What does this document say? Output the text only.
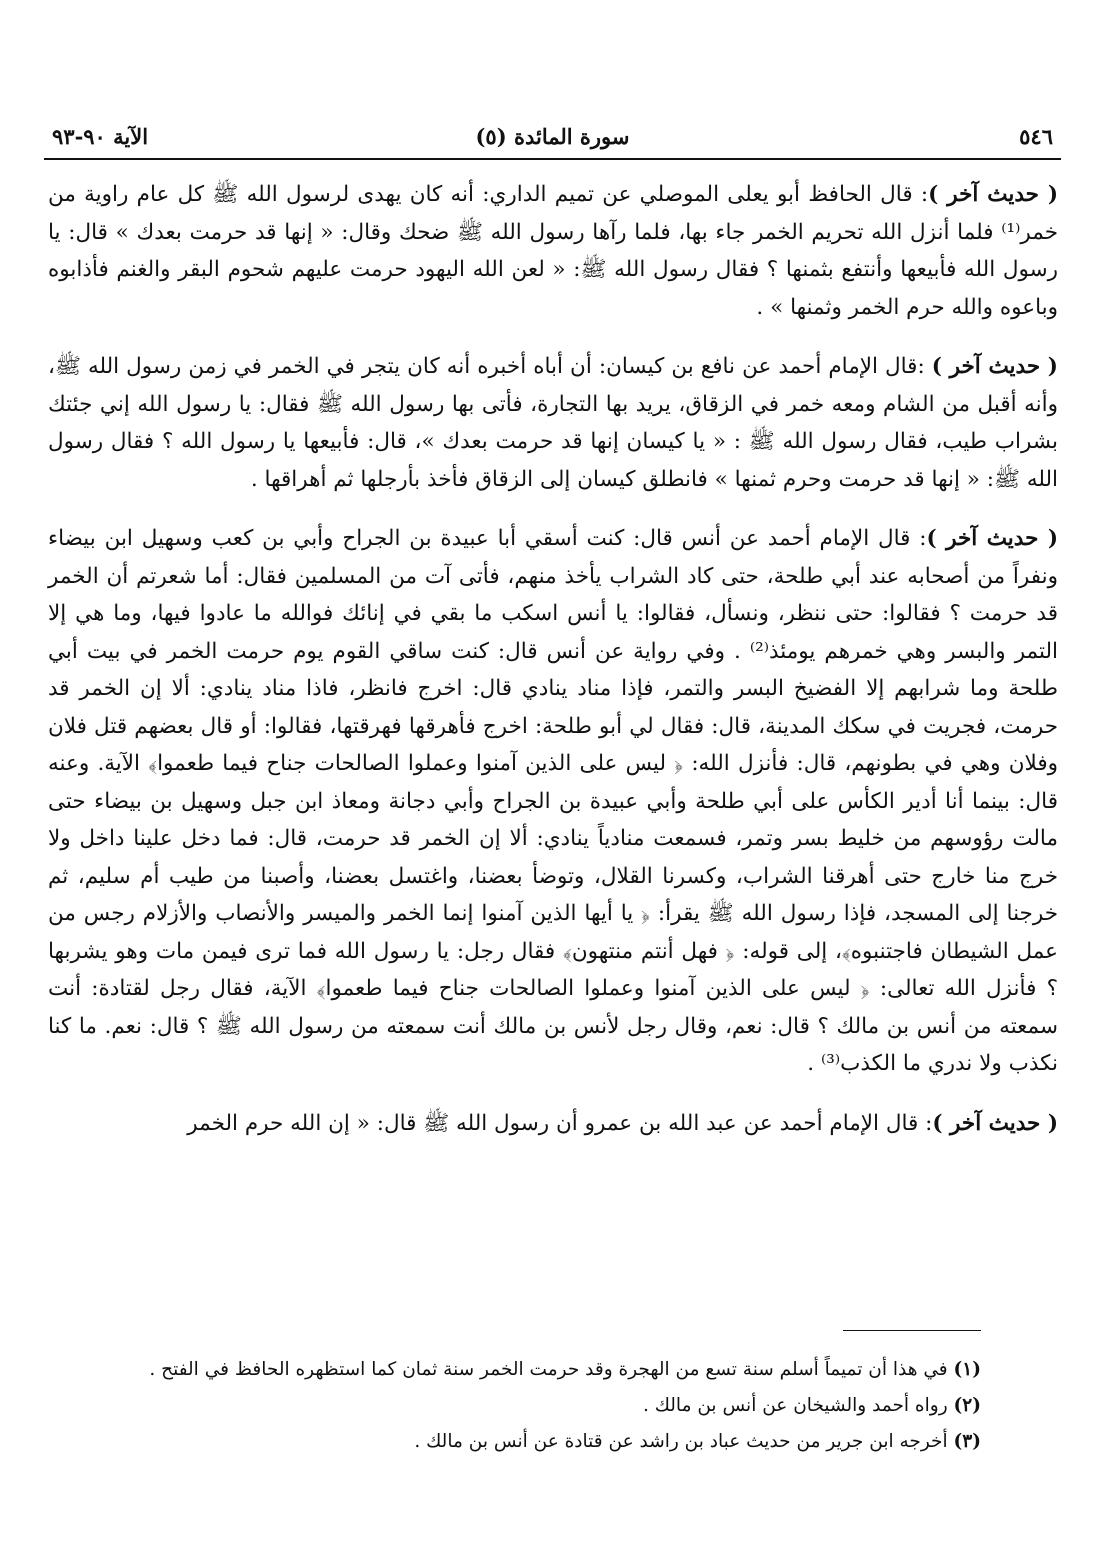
٥٤٦
(٥) سورة المائدة
الآية ٩٠-٩٣

( حديث آخر ): قال الحافظ أبو يعلى الموصلي عن تميم الداري: أنه كان يهدى لرسول الله ﷺ كل عام راوية من خمر⁽¹⁾ فلما أنزل الله تحريم الخمر جاء بها، فلما رآها رسول الله ﷺ ضحك وقال: « إنها قد حرمت بعدك » قال: يا رسول الله فأبيعها وأنتفع بثمنها ؟ فقال رسول الله ﷺ: « لعن الله اليهود حرمت عليهم شحوم البقر والغنم فأذابوه وباعوه والله حرم الخمر وثمنها » .

( حديث آخر ) :قال الإمام أحمد عن نافع بن كيسان: أن أباه أخبره أنه كان يتجر في الخمر في زمن رسول الله ﷺ، وأنه أقبل من الشام ومعه خمر في الزقاق، يريد بها التجارة، فأتى بها رسول الله ﷺ فقال: يا رسول الله إني جئتك بشراب طيب، فقال رسول الله ﷺ : « يا كيسان إنها قد حرمت بعدك »، قال: فأبيعها يا رسول الله ؟ فقال رسول الله ﷺ: « إنها قد حرمت وحرم ثمنها » فانطلق كيسان إلى الزقاق فأخذ بأرجلها ثم أهراقها .

( حديث آخر ): قال الإمام أحمد عن أنس قال: كنت أسقي أبا عبيدة بن الجراح وأبي بن كعب وسهيل ابن بيضاء ونفراً من أصحابه عند أبي طلحة، حتى كاد الشراب يأخذ منهم، فأتى آت من المسلمين فقال: أما شعرتم أن الخمر قد حرمت ؟ فقالوا: حتى ننظر، ونسأل، فقالوا: يا أنس اسكب ما بقي في إنائك فوالله ما عادوا فيها، وما هي إلا التمر والبسر وهي خمرهم يومئذ⁽²⁾ . وفي رواية عن أنس قال: كنت ساقي القوم يوم حرمت الخمر في بيت أبي طلحة وما شرابهم إلا الفضيخ البسر والتمر، فإذا مناد ينادي قال: اخرج فانظر، فاذا مناد ينادي: ألا إن الخمر قد حرمت، فجريت في سكك المدينة، قال: فقال لي أبو طلحة: اخرج فأهرقها فهرقتها، فقالوا: أو قال بعضهم قتل فلان وفلان وهي في بطونهم، قال: فأنزل الله: ﴿ ليس على الذين آمنوا وعملوا الصالحات جناح فيما طعموا﴾ الآية. وعنه قال: بينما أنا أدير الكأس على أبي طلحة وأبي عبيدة بن الجراح وأبي دجانة ومعاذ ابن جبل وسهيل بن بيضاء حتى مالت رؤوسهم من خليط بسر وتمر، فسمعت منادياً ينادي: ألا إن الخمر قد حرمت، قال: فما دخل علينا داخل ولا خرج منا خارج حتى أهرقنا الشراب، وكسرنا القلال، وتوضأ بعضنا، واغتسل بعضنا، وأصبنا من طيب أم سليم، ثم خرجنا إلى المسجد، فإذا رسول الله ﷺ يقرأ: ﴿ يا أيها الذين آمنوا إنما الخمر والميسر والأنصاب والأزلام رجس من عمل الشيطان فاجتنبوه﴾، إلى قوله: ﴿ فهل أنتم منتهون﴾ فقال رجل: يا رسول الله فما ترى فيمن مات وهو يشربها ؟ فأنزل الله تعالى: ﴿ ليس على الذين آمنوا وعملوا الصالحات جناح فيما طعموا﴾ الآية، فقال رجل لقتادة: أنت سمعته من أنس بن مالك ؟ قال: نعم، وقال رجل لأنس بن مالك أنت سمعته من رسول الله ﷺ ؟ قال: نعم. ما كنا نكذب ولا ندري ما الكذب⁽³⁾ .

( حديث آخر ): قال الإمام أحمد عن عبد الله بن عمرو أن رسول الله ﷺ قال: « إن الله حرم الخمر

(١) في هذا أن تميماً أسلم سنة تسع من الهجرة وقد حرمت الخمر سنة ثمان كما استظهره الحافظ في الفتح .

(٢) رواه أحمد والشيخان عن أنس بن مالك .

(٣) أخرجه ابن جرير من حديث عباد بن راشد عن قتادة عن أنس بن مالك .
